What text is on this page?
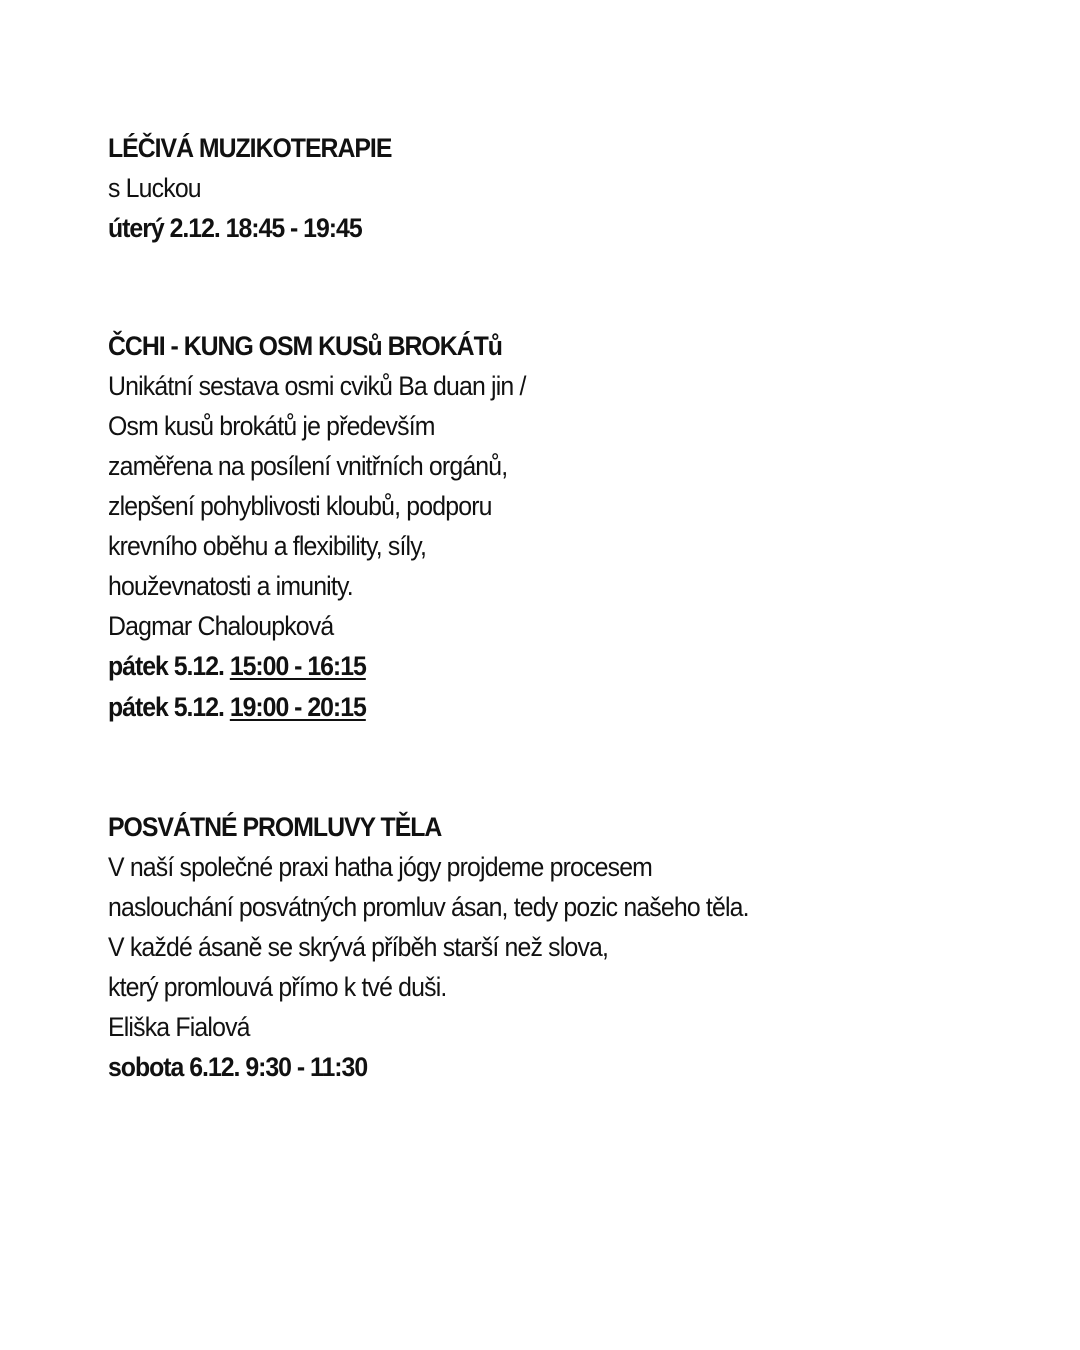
LÉČIVÁ MUZIKOTERAPIE
s Luckou
úterý 2.12. 18:45 - 19:45
ČCHI - KUNG OSM KUSů BROKÁTů
Unikátní sestava osmi cviků Ba duan jin /
Osm kusů brokátů je především
zaměřena na posílení vnitřních orgánů,
zlepšení pohyblivosti kloubů, podporu
krevního oběhu a flexibility, síly,
houževnatosti a imunity.
Dagmar Chaloupková
pátek 5.12. 15:00 - 16:15
pátek 5.12. 19:00 - 20:15
POSVÁTNÉ PROMLUVY TĚLA
V naší společné praxi hatha jógy projdeme procesem
naslouchání posvátných promluv ásan, tedy pozic našeho těla.
V každé ásaně se skrývá příběh starší než slova,
který promlouvá přímo k tvé duši.
Eliška Fialová
sobota 6.12. 9:30 - 11:30
